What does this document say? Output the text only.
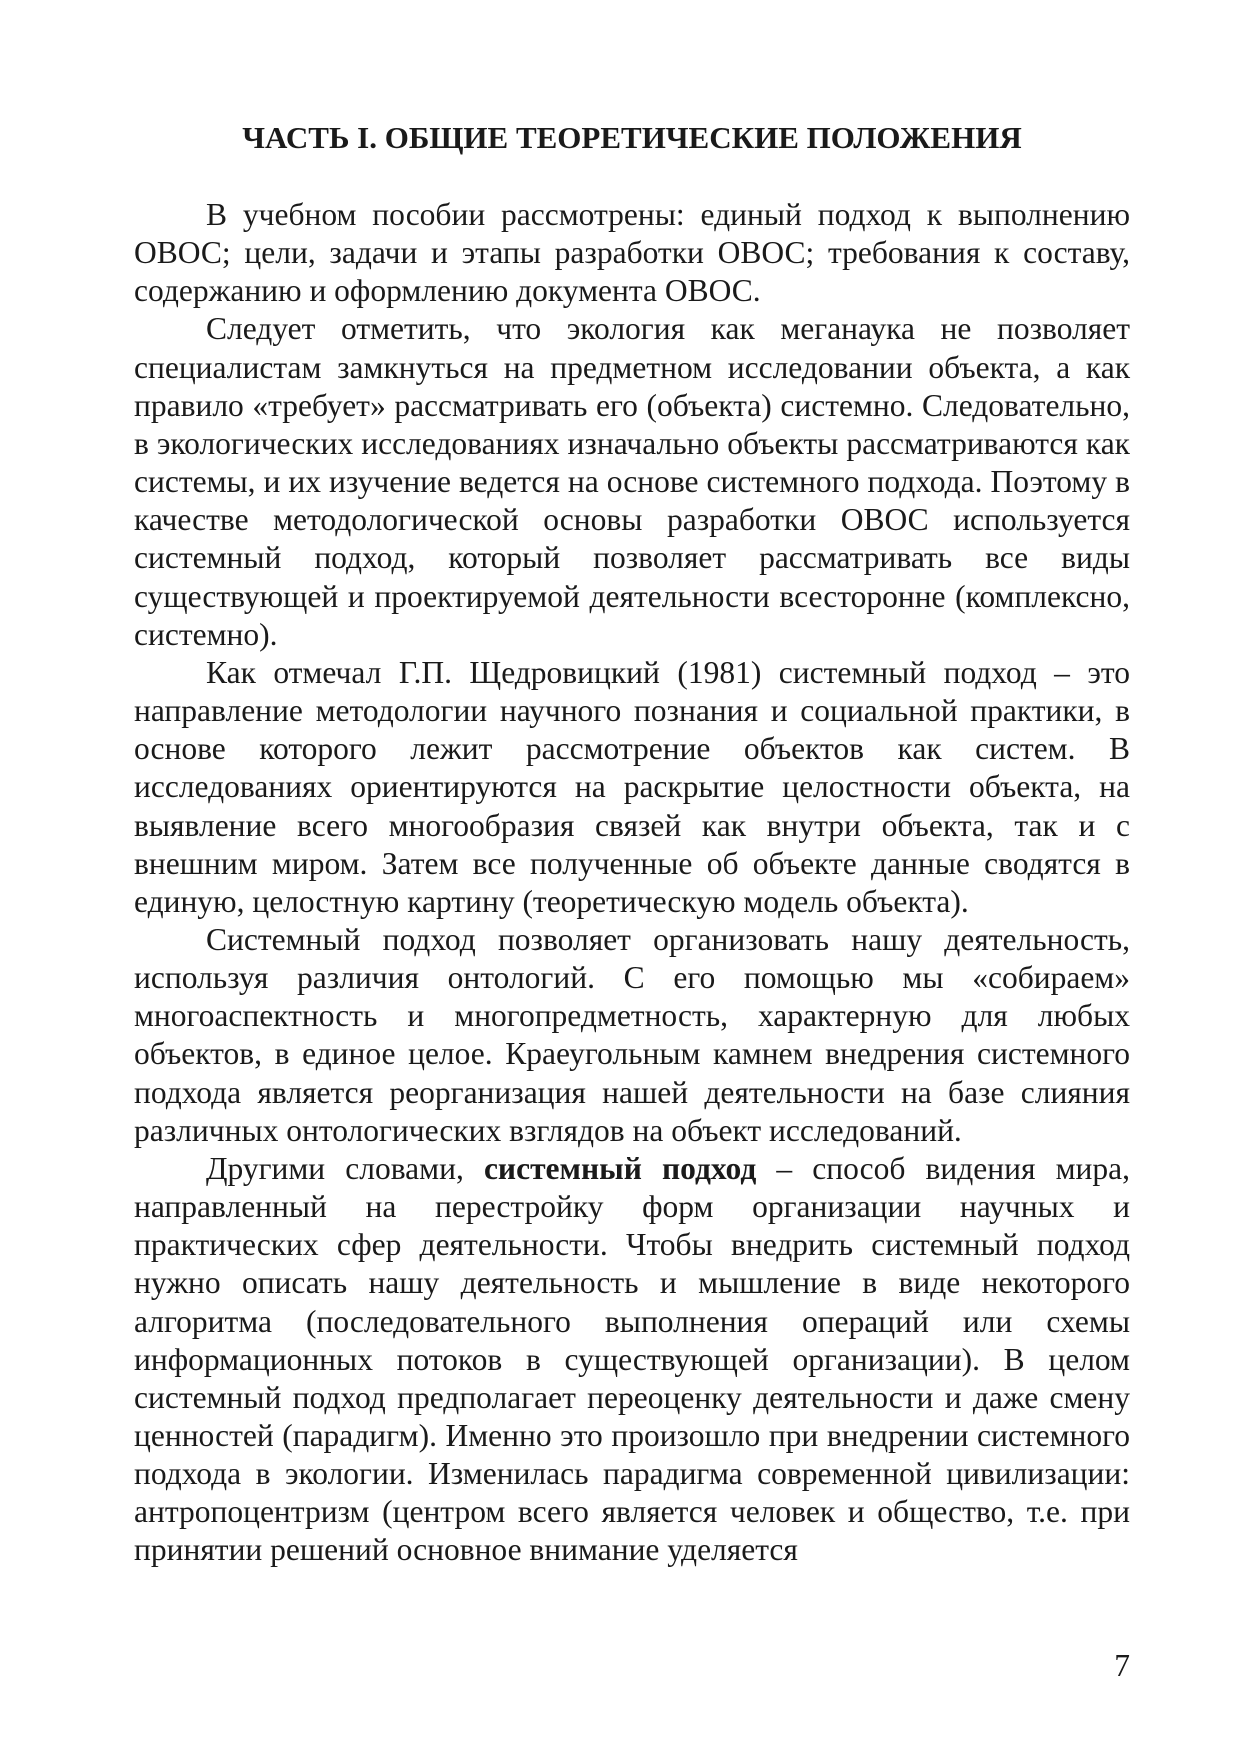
ЧАСТЬ I. ОБЩИЕ ТЕОРЕТИЧЕСКИЕ ПОЛОЖЕНИЯ

В учебном пособии рассмотрены: единый подход к выполнению ОВОС; цели, задачи и этапы разработки ОВОС; требования к составу, содержанию и оформлению документа ОВОС.

Следует отметить, что экология как меганаука не позволяет специалистам замкнуться на предметном исследовании объекта, а как правило «требует» рассматривать его (объекта) системно. Следовательно, в экологических исследованиях изначально объекты рассматриваются как системы, и их изучение ведется на основе системного подхода. Поэтому в качестве методологической основы разработки ОВОС используется системный подход, который позволяет рассматривать все виды существующей и проектируемой деятельности всесторонне (комплексно, системно).

Как отмечал Г.П. Щедровицкий (1981) системный подход – это направление методологии научного познания и социальной практики, в основе которого лежит рассмотрение объектов как систем. В исследованиях ориентируются на раскрытие целостности объекта, на выявление всего многообразия связей как внутри объекта, так и с внешним миром. Затем все полученные об объекте данные сводятся в единую, целостную картину (теоретическую модель объекта).

Системный подход позволяет организовать нашу деятельность, используя различия онтологий. С его помощью мы «собираем» многоаспектность и многопредметность, характерную для любых объектов, в единое целое. Краеугольным камнем внедрения системного подхода является реорганизация нашей деятельности на базе слияния различных онтологических взглядов на объект исследований.

Другими словами, системный подход – способ видения мира, направленный на перестройку форм организации научных и практических сфер деятельности. Чтобы внедрить системный подход нужно описать нашу деятельность и мышление в виде некоторого алгоритма (последовательного выполнения операций или схемы информационных потоков в существующей организации). В целом системный подход предполагает переоценку деятельности и даже смену ценностей (парадигм). Именно это произошло при внедрении системного подхода в экологии. Изменилась парадигма современной цивилизации: антропоцентризм (центром всего является человек и общество, т.е. при принятии решений основное внимание уделяется

7
